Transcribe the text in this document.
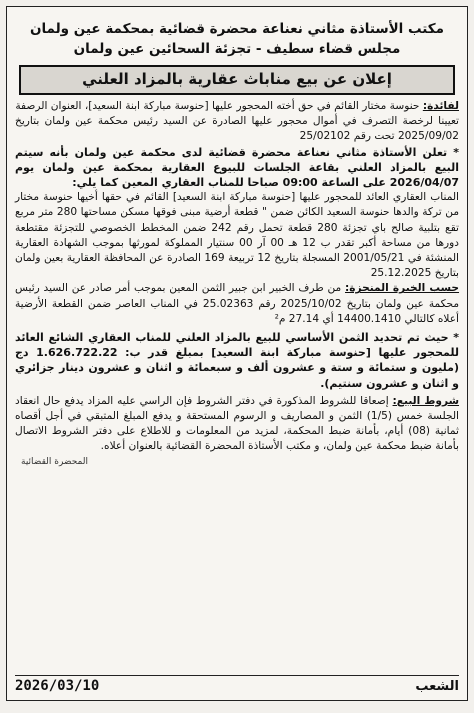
مكتب الأستاذة مثاني نعناعة محضرة قضائية بمحكمة عين ولمان
مجلس قضاء سطيف - تجزئة السحائين عين ولمان
إعلان عن بيع مناباث عقارية بالمزاد العلني

لفائدة: حنوسة مختار القائم في حق أخته المحجور عليها [حنوسة مباركة ابنة السعيد]، العنوان الرصفة

تعيينا لرخصة التصرف في أموال محجور عليها الصادرة عن السيد رئيس محكمة عين ولمان بتاريخ 2025/09/02 تحت رقم 25/02102

* تعلن الأستاذة مثاني نعناعة محضرة قضائية لدى محكمة عين ولمان بأنه سيتم البيع بالمزاد العلني بقاعة الجلسات للبيوع العقارية بمحكمة عين ولمان يوم 2026/04/07 على الساعة 09:00 صباحا للمناب العقاري المعين كما يلي:

المناب العقاري العائد للمحجور عليها [حنوسة مباركة ابنة السعيد] القائم في حقها أخيها حنوسة مختار من تركة والدها حنوسة السعيد الكائن ضمن " قطعة أرضية مبنى فوقها مسكن مساحتها 280 متر مربع تقع بتلبية صالح باي تجزئة 280 قطعة تحمل رقم 242 ضمن المخطط الخصوصي للتجزئة مقتطعة دورها من مساحة أكبر تقدر ب 12 هـ 00 آر 00 سنتيار المملوكة لمورثها بموجب الشهادة العقارية المنشئة في 2001/05/21 المسجلة بتاريخ 12 تربيعة 169 الصادرة عن المحافظة العقارية بعين ولمان بتاريخ 25.12.2025

حسب الخبرة المنجزة: من طرف الخبير ابن جبير الثمن المعين بموجب أمر صادر عن السيد رئيس محكمة عين ولمان بتاريخ 2025/10/02 رقم 25.02363 في المناب العاصر ضمن القطعة الأرضية أعلاه كالتالي 14400.1410 أي 27.14 م²

* حيث تم تحديد الثمن الأساسي للبيع بالمزاد العلني للمناب العقاري الشائع العائد للمحجور عليها [حنوسة مباركة ابنة السعيد] بمبلغ قدر ب: 1.626.722.22 دج (مليون و ستمائة و ستة و عشرون ألف و سبعمائة و اثنان و عشرون دينار جزائري و اثنان و عشرون سنتيم).

شروط البيع: إصعاقا للشروط المذكورة في دفتر الشروط فإن الراسي عليه المزاد يدفع حال انعقاد الجلسة خمس (1/5) الثمن و المصاريف و الرسوم المستحقة و يدفع المبلغ المتبقي في أجل أقصاه ثمانية (08) أيام، بأمانة ضبط المحكمة، لمزيد من المعلومات و للاطلاع على دفتر الشروط الاتصال بأمانة ضبط محكمة عين ولمان، و مكتب الأستاذة المحضرة القضائية بالعنوان أعلاه.

المحضرة القضائية
الشعب
2026/03/10
